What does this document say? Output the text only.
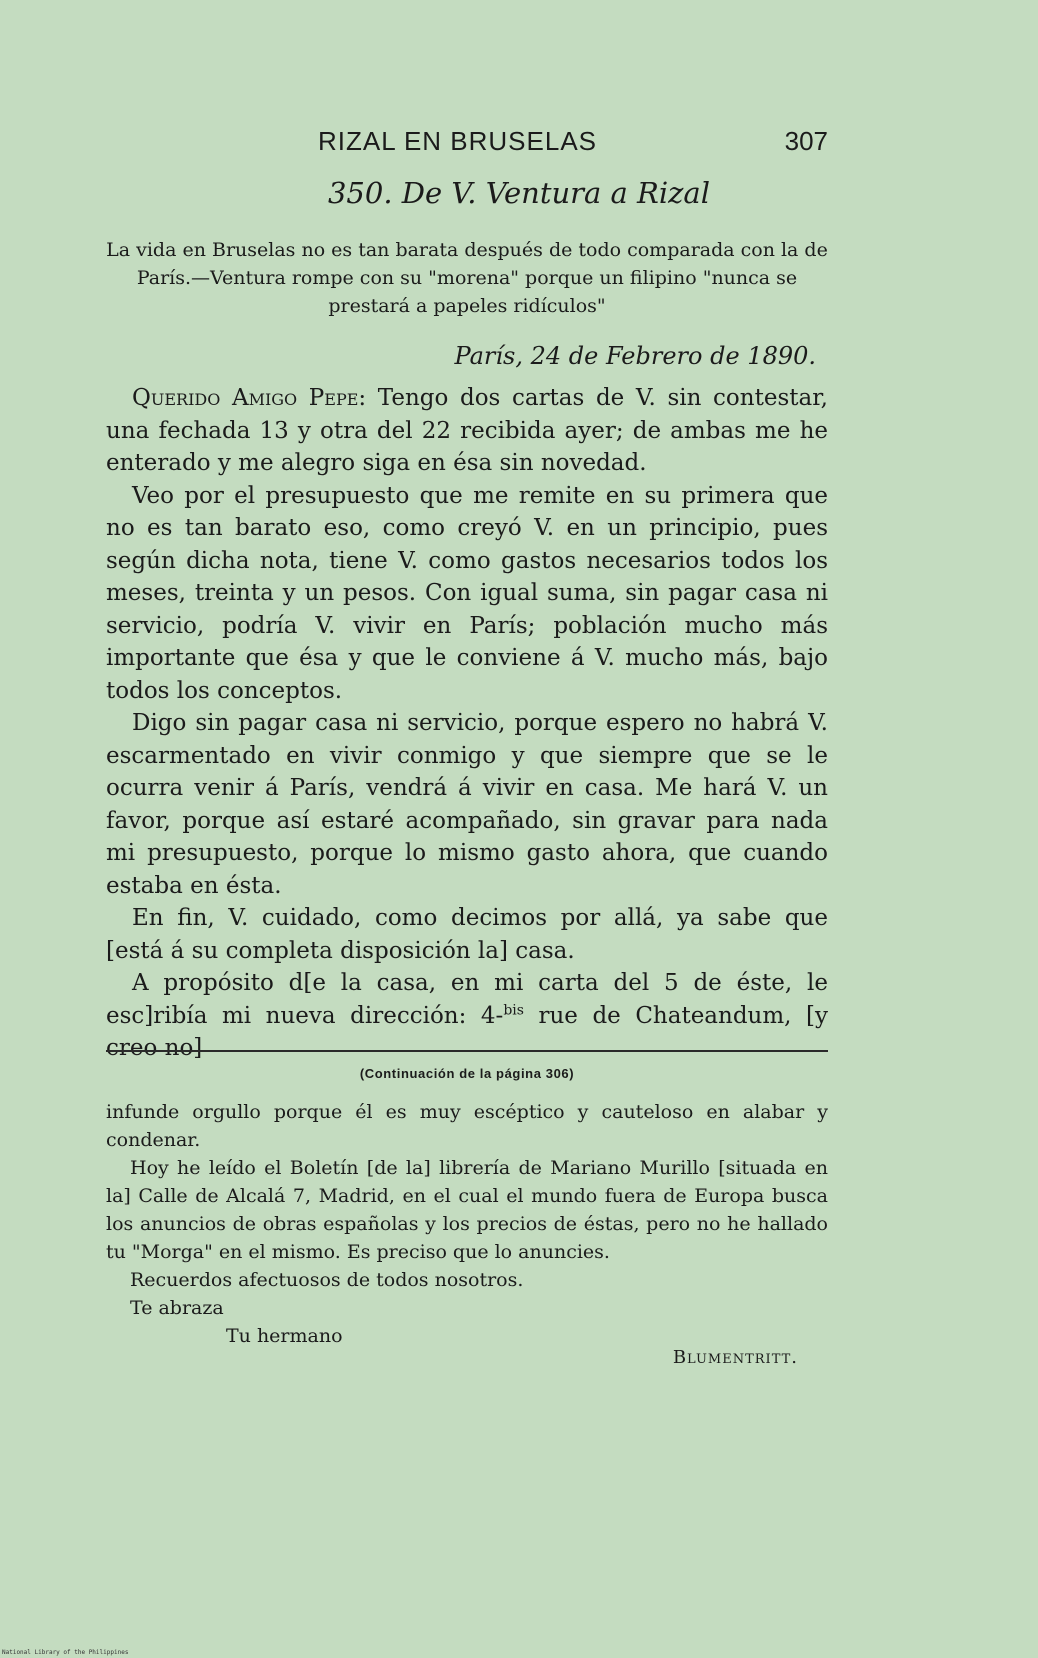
RIZAL EN BRUSELAS	307
350. De V. Ventura a Rizal
La vida en Bruselas no es tan barata después de todo comparada con la de París.—Ventura rompe con su "morena" porque un filipino "nunca se prestará a papeles ridículos"
París, 24 de Febrero de 1890.

Querido Amigo Pepe: Tengo dos cartas de V. sin contestar, una fechada 13 y otra del 22 recibida ayer; de ambas me he enterado y me alegro siga en ésa sin novedad.

Veo por el presupuesto que me remite en su primera que no es tan barato eso, como creyó V. en un principio, pues según dicha nota, tiene V. como gastos necesarios todos los meses, treinta y un pesos. Con igual suma, sin pagar casa ni servicio, podría V. vivir en París; población mucho más importante que ésa y que le conviene á V. mucho más, bajo todos los conceptos.

Digo sin pagar casa ni servicio, porque espero no habrá V. escarmentado en vivir conmigo y que siempre que se le ocurra venir á París, vendrá á vivir en casa. Me hará V. un favor, porque así estaré acompañado, sin gravar para nada mi presupuesto, porque lo mismo gasto ahora, que cuando estaba en ésta.

En fin, V. cuidado, como decimos por allá, ya sabe que [está á su completa disposición la] casa.

A propósito d[e la casa, en mi carta del 5 de éste, le esc]ribía mi nueva dirección: 4-$^{bis}$ rue de Chateandum, [y creo no]

(Continuación de la página 306)

infunde orgullo porque él es muy escéptico y cauteloso en alabar y condenar.

Hoy he leído el Boletín [de la] librería de Mariano Murillo [situada en la] Calle de Alcalá 7, Madrid, en el cual el mundo fuera de Europa busca los anuncios de obras españolas y los precios de éstas, pero no he hallado tu "Morga" en el mismo. Es preciso que lo anuncies.

Recuerdos afectuosos de todos nosotros.

Te abraza

Tu hermano

Blumentritt.
National Library of the Philippines
